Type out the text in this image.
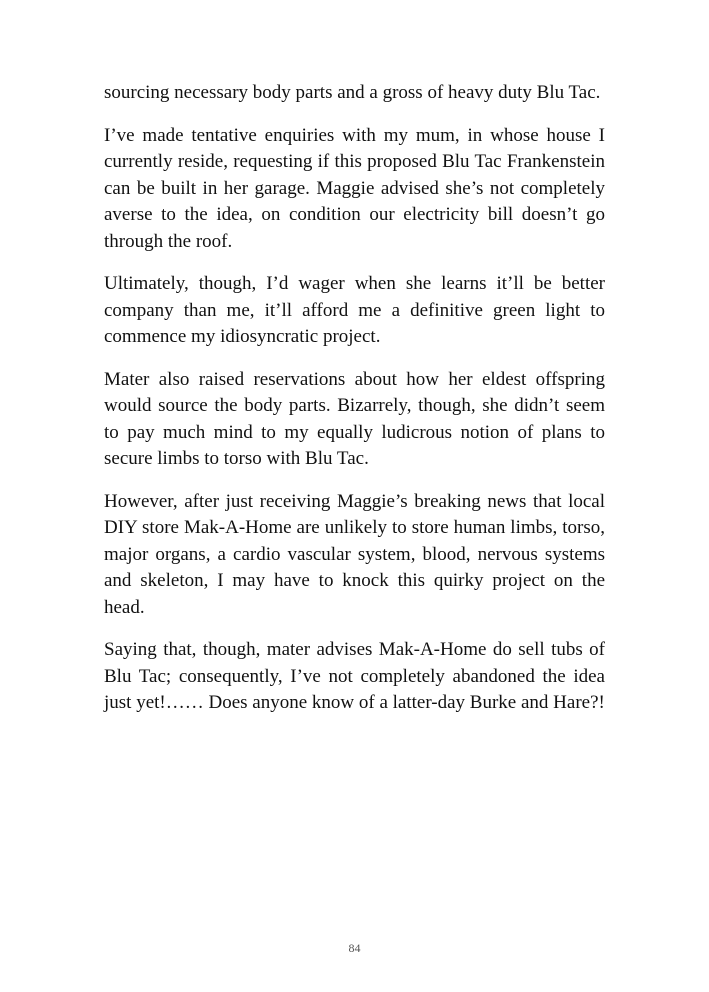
sourcing necessary body parts and a gross of heavy duty Blu Tac.

I’ve made tentative enquiries with my mum, in whose house I currently reside, requesting if this proposed Blu Tac Frankenstein can be built in her garage. Maggie advised she’s not completely averse to the idea, on condition our electricity bill doesn’t go through the roof.

Ultimately, though, I’d wager when she learns it’ll be better company than me, it’ll afford me a definitive green light to commence my idiosyncratic project.

Mater also raised reservations about how her eldest offspring would source the body parts. Bizarrely, though, she didn’t seem to pay much mind to my equally ludicrous notion of plans to secure limbs to torso with Blu Tac.

However, after just receiving Maggie’s breaking news that local DIY store Mak-A-Home are unlikely to store human limbs, torso, major organs, a cardio vascular system, blood, nervous systems and skeleton, I may have to knock this quirky project on the head.

Saying that, though, mater advises Mak-A-Home do sell tubs of Blu Tac; consequently, I’ve not completely abandoned the idea just yet!…… Does anyone know of a latter-day Burke and Hare?!

84
